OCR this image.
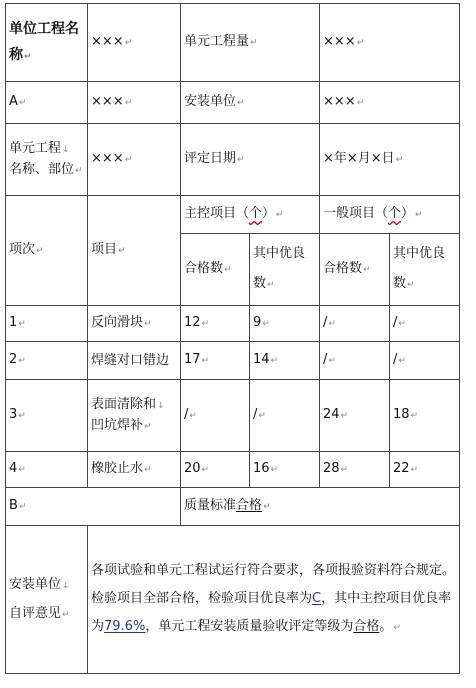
单位工程名称↵	×××↵	单元工程量↵		×××↵	
A↵	×××↵	安装单位↵		×××↵	
单元工程↓
名称、部位↵	×××↵	评定日期↵		×年×月×日↵	
项次↵	项目↵	主控项目（个）↵		一般项目（个）↵	
		合格数↵	其中优良
数↵	合格数↵	其中优良
数↵
1↵	反向滑块↵	12↵	9↵	/↵	/↵
2↵	焊缝对口错边	17↵	14↵	/↵	/↵
3↵	表面清除和↓
凹坑焊补↵	/↵	/↵	24↵	18↵
4↵	橡胶止水↵	20↵	16↵	28↵	22↵
B↵		质量标准合格↵			
安装单位↓
自评意见↵	各项试验和单元工程试运行符合要求，各项报验资料符合规定。检验项目全部合格，检验项目优良率为C，其中主控项目优良率为79.6%，单元工程安装质量验收评定等级为合格。↵				
